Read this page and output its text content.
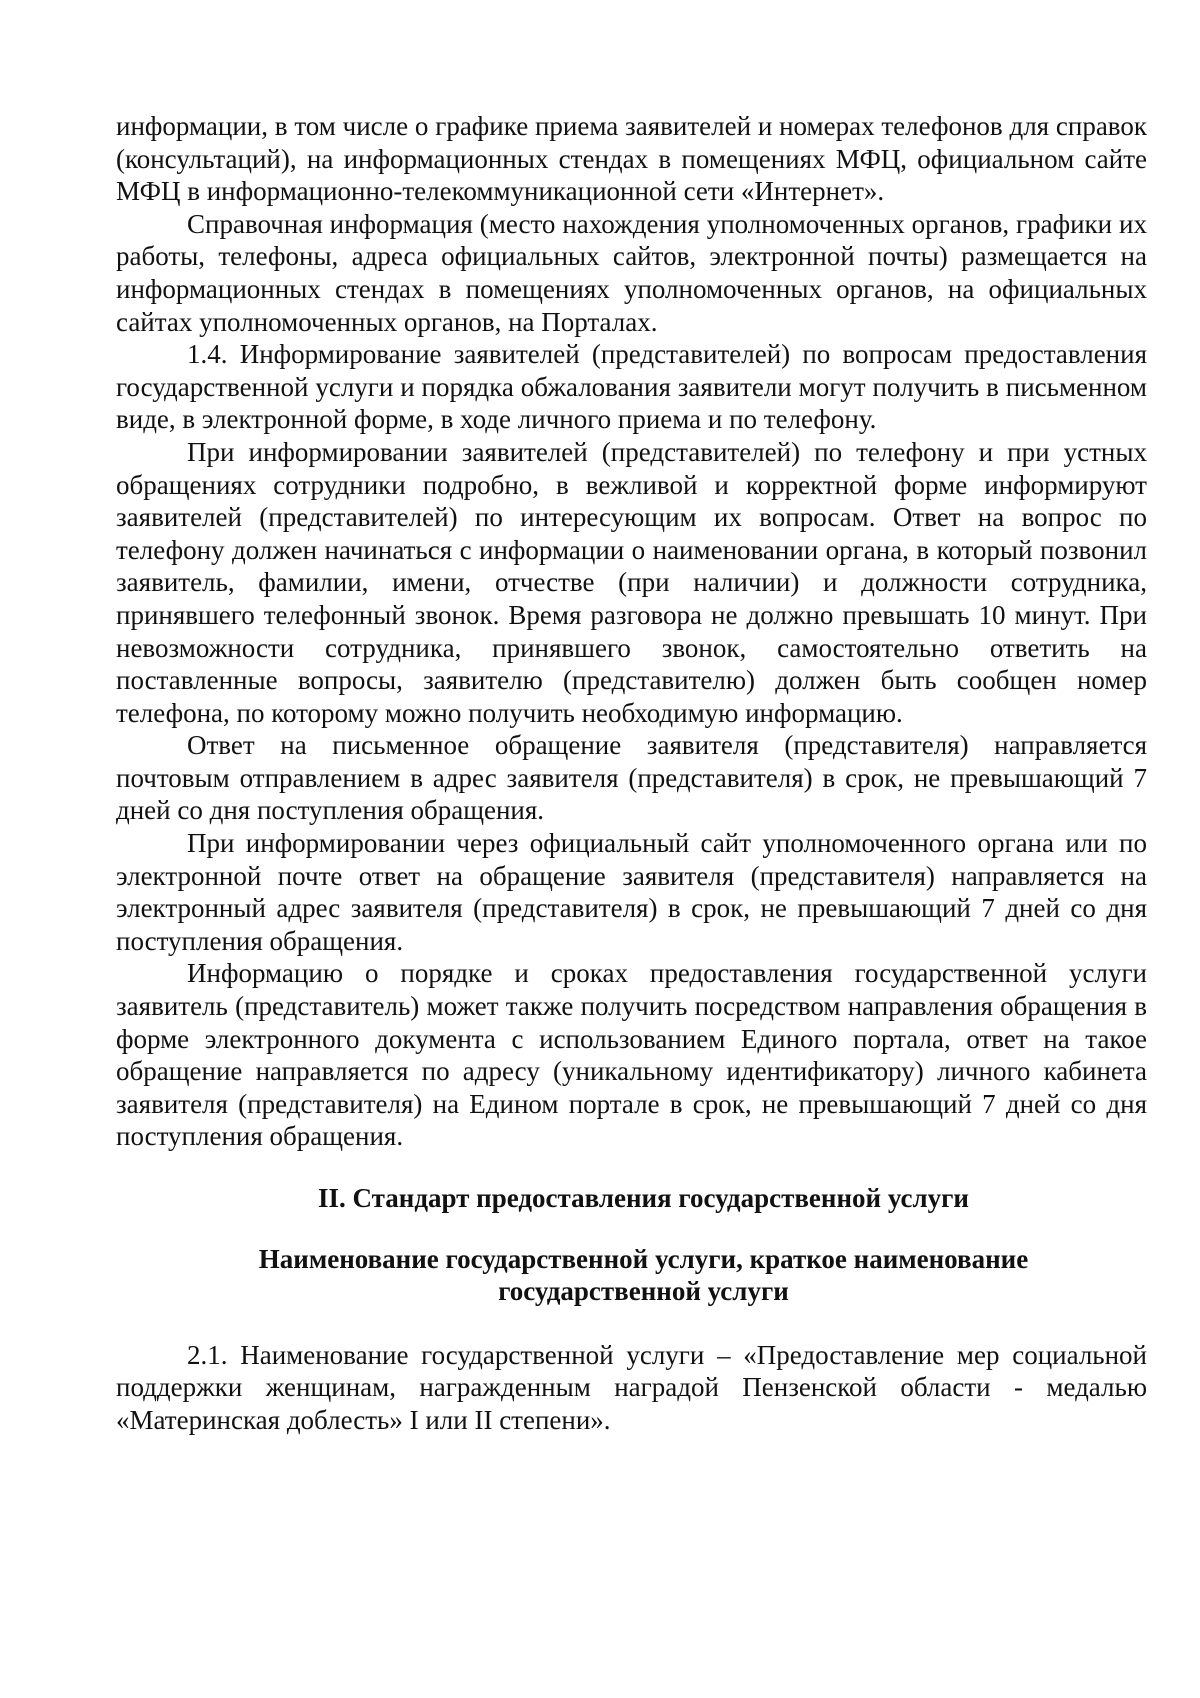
информации, в том числе о графике приема заявителей и номерах телефонов для справок (консультаций), на информационных стендах в помещениях МФЦ, официальном сайте МФЦ в информационно-телекоммуникационной сети «Интернет».

Справочная информация (место нахождения уполномоченных органов, графики их работы, телефоны, адреса официальных сайтов, электронной почты) размещается на информационных стендах в помещениях уполномоченных органов, на официальных сайтах уполномоченных органов, на Порталах.

1.4. Информирование заявителей (представителей) по вопросам предоставления государственной услуги и порядка обжалования заявители могут получить в письменном виде, в электронной форме, в ходе личного приема и по телефону.

При информировании заявителей (представителей) по телефону и при устных обращениях сотрудники подробно, в вежливой и корректной форме информируют заявителей (представителей) по интересующим их вопросам. Ответ на вопрос по телефону должен начинаться с информации о наименовании органа, в который позвонил заявитель, фамилии, имени, отчестве (при наличии) и должности сотрудника, принявшего телефонный звонок. Время разговора не должно превышать 10 минут. При невозможности сотрудника, принявшего звонок, самостоятельно ответить на поставленные вопросы, заявителю (представителю) должен быть сообщен номер телефона, по которому можно получить необходимую информацию.

Ответ на письменное обращение заявителя (представителя) направляется почтовым отправлением в адрес заявителя (представителя) в срок, не превышающий 7 дней со дня поступления обращения.

При информировании через официальный сайт уполномоченного органа или по электронной почте ответ на обращение заявителя (представителя) направляется на электронный адрес заявителя (представителя) в срок, не превышающий 7 дней со дня поступления обращения.

Информацию о порядке и сроках предоставления государственной услуги заявитель (представитель) может также получить посредством направления обращения в форме электронного документа с использованием Единого портала, ответ на такое обращение направляется по адресу (уникальному идентификатору) личного кабинета заявителя (представителя) на Едином портале в срок, не превышающий 7 дней со дня поступления обращения.

II. Стандарт предоставления государственной услуги

Наименование государственной услуги, краткое наименование
государственной услуги

2.1. Наименование государственной услуги – «Предоставление мер социальной поддержки женщинам, награжденным наградой Пензенской области - медалью «Материнская доблесть» I или II степени».
